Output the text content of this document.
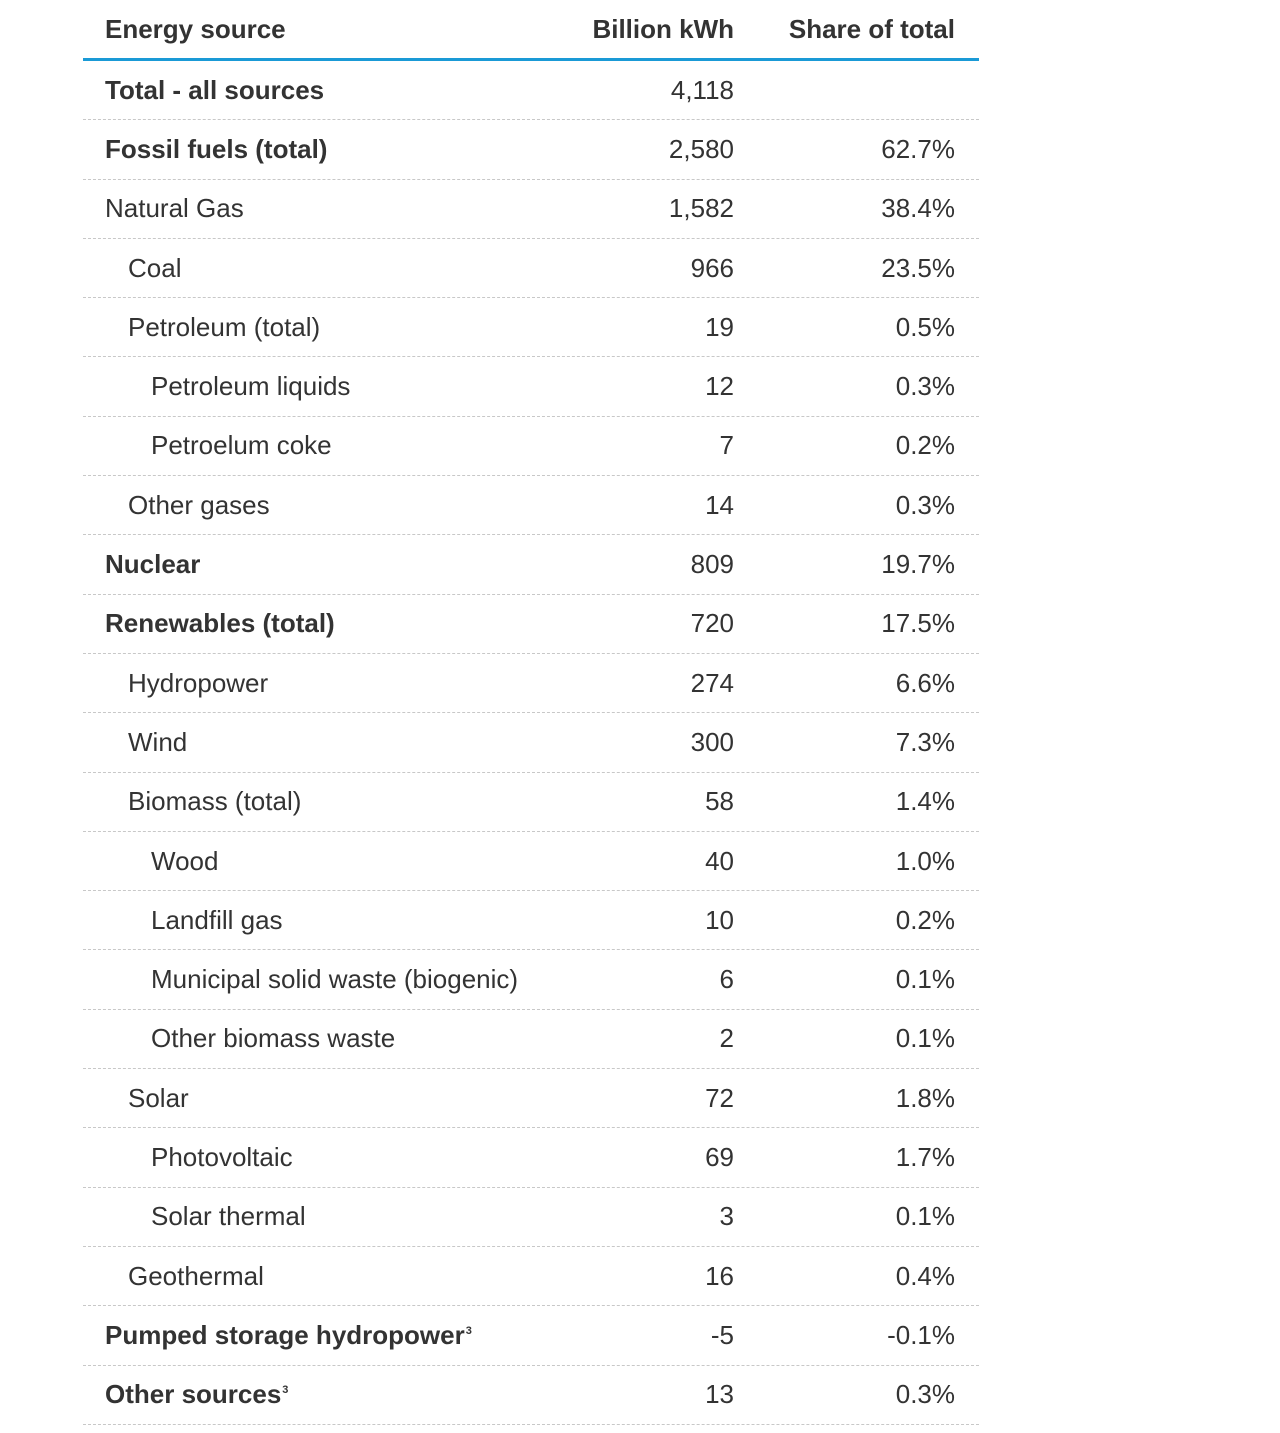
Energy source	Billion kWh	Share of total
Total - all sources	4,118
Fossil fuels (total)	2,580	62.7%
Natural Gas	1,582	38.4%
Coal	966	23.5%
Petroleum (total)	19	0.5%
Petroleum liquids	12	0.3%
Petroelum coke	7	0.2%
Other gases	14	0.3%
Nuclear	809	19.7%
Renewables (total)	720	17.5%
Hydropower	274	6.6%
Wind	300	7.3%
Biomass (total)	58	1.4%
Wood	40	1.0%
Landfill gas	10	0.2%
Municipal solid waste (biogenic)	6	0.1%
Other biomass waste	2	0.1%
Solar	72	1.8%
Photovoltaic	69	1.7%
Solar thermal	3	0.1%
Geothermal	16	0.4%
Pumped storage hydropower$^3$	-5	-0.1%
Other sources$^3$	13	0.3%
